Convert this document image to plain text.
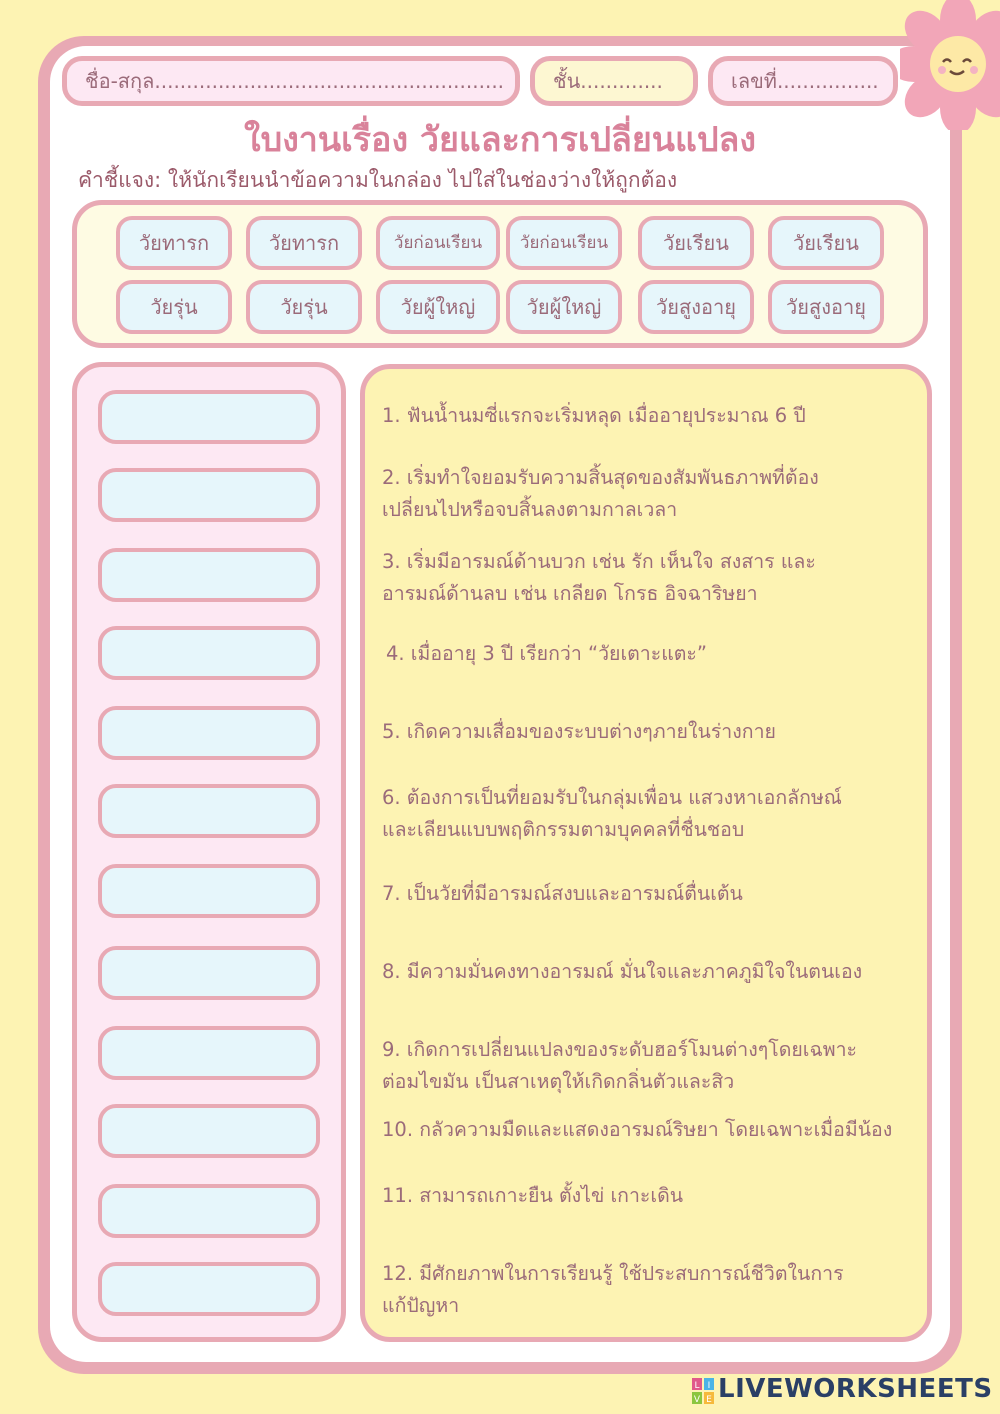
ชื่อ-สกุล.......................................................	ชั้น.............	เลขที่................
ใบงานเรื่อง วัยและการเปลี่ยนแปลง
คำชี้แจง: ให้นักเรียนนำข้อความในกล่อง ไปใส่ในช่องว่างให้ถูกต้อง
วัยทารก	วัยทารก	วัยก่อนเรียน	วัยก่อนเรียน	วัยเรียน	วัยเรียน
วัยรุ่น	วัยรุ่น	วัยผู้ใหญ่	วัยผู้ใหญ่	วัยสูงอายุ	วัยสูงอายุ
1. ฟันน้ำนมซี่แรกจะเริ่มหลุด เมื่ออายุประมาณ 6 ปี
2. เริ่มทำใจยอมรับความสิ้นสุดของสัมพันธภาพที่ต้อง
เปลี่ยนไปหรือจบสิ้นลงตามกาลเวลา
3. เริ่มมีอารมณ์ด้านบวก เช่น รัก เห็นใจ สงสาร และ
อารมณ์ด้านลบ เช่น เกลียด โกรธ อิจฉาริษยา
4. เมื่ออายุ 3 ปี เรียกว่า “วัยเตาะแตะ”
5. เกิดความเสื่อมของระบบต่างๆภายในร่างกาย
6. ต้องการเป็นที่ยอมรับในกลุ่มเพื่อน แสวงหาเอกลักษณ์
และเลียนแบบพฤติกรรมตามบุคคลที่ชื่นชอบ
7. เป็นวัยที่มีอารมณ์สงบและอารมณ์ตื่นเต้น
8. มีความมั่นคงทางอารมณ์ มั่นใจและภาคภูมิใจในตนเอง
9. เกิดการเปลี่ยนแปลงของระดับฮอร์โมนต่างๆโดยเฉพาะ
ต่อมไขมัน เป็นสาเหตุให้เกิดกลิ่นตัวและสิว
10. กลัวความมืดและแสดงอารมณ์ริษยา โดยเฉพาะเมื่อมีน้อง
11. สามารถเกาะยืน ตั้งไข่ เกาะเดิน
12. มีศักยภาพในการเรียนรู้ ใช้ประสบการณ์ชีวิตในการ
แก้ปัญหา
L I
V E LIVEWORKSHEETS
